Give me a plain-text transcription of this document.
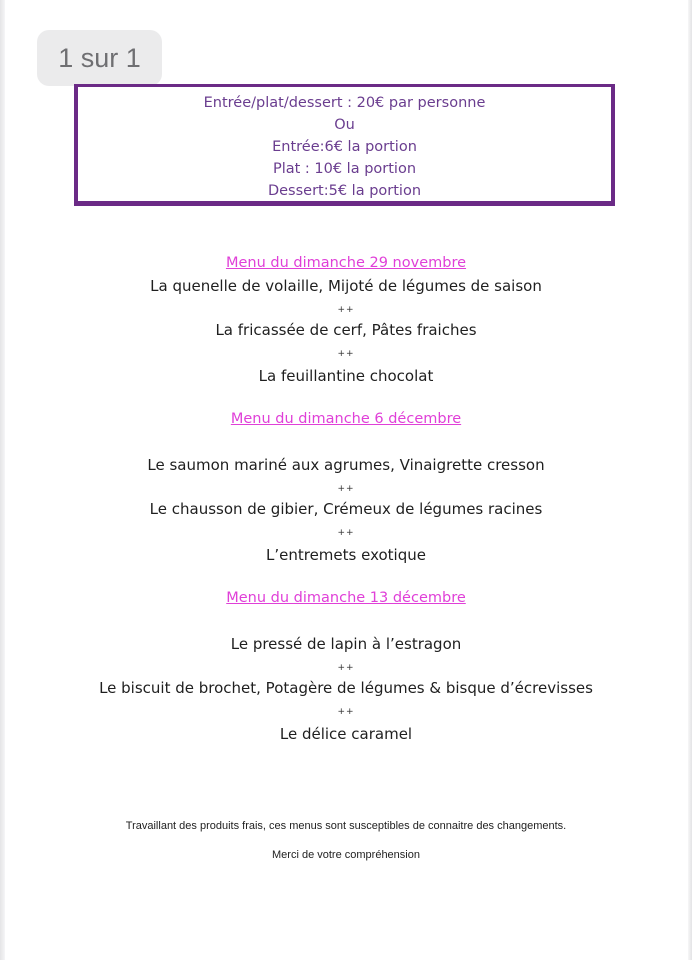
1 sur 1
Entrée/plat/dessert : 20€ par personne
Ou
Entrée:6€ la portion
Plat : 10€ la portion
Dessert:5€ la portion
Menu du dimanche 29 novembre
La quenelle de volaille, Mijoté de légumes de saison
++
La fricassée de cerf, Pâtes fraiches
++
La feuillantine chocolat
Menu du dimanche 6 décembre
Le saumon mariné aux agrumes, Vinaigrette cresson
++
Le chausson de gibier, Crémeux de légumes racines
++
L’entremets exotique
Menu du dimanche 13 décembre
Le pressé de lapin à l’estragon
++
Le biscuit de brochet, Potagère de légumes & bisque d’écrevisses
++
Le délice caramel
Travaillant des produits frais, ces menus sont susceptibles de connaitre des changements.
Merci de votre compréhension
